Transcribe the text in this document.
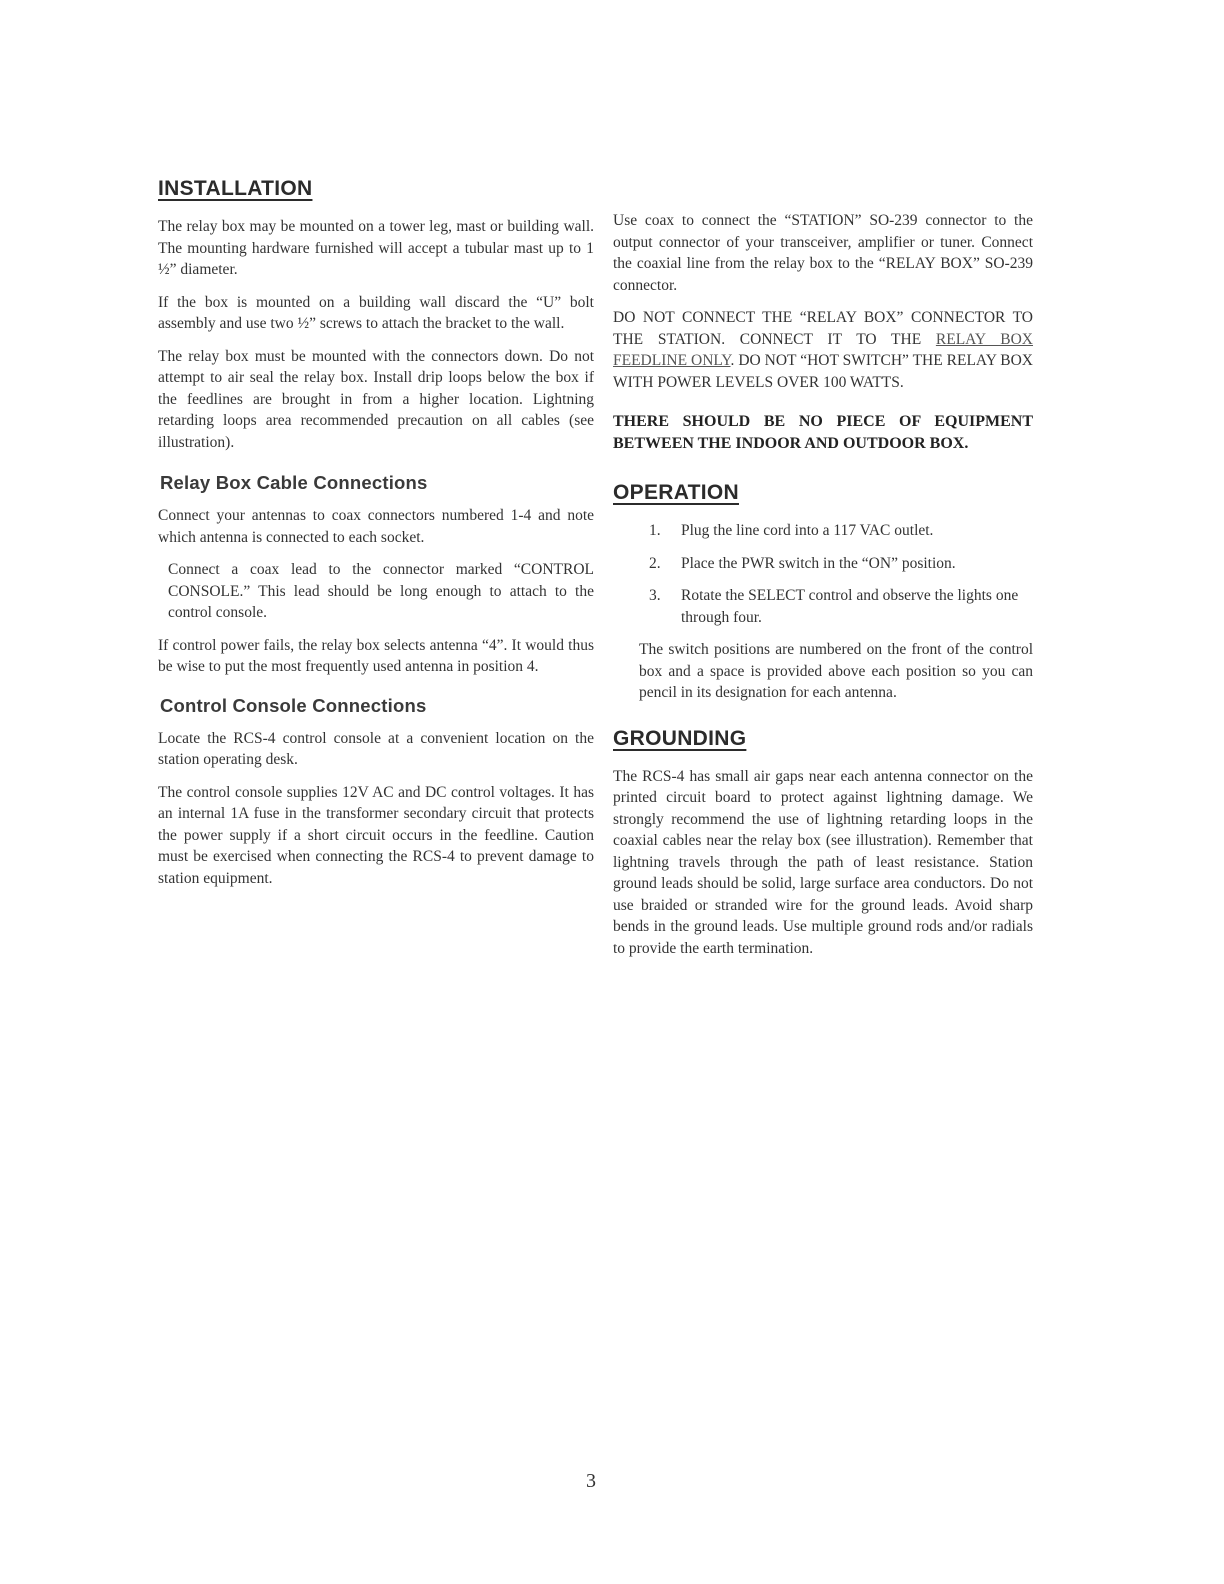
INSTALLATION

The relay box may be mounted on a tower leg, mast or building wall. The mounting hardware furnished will accept a tubular mast up to 1 ½” diameter.

If the box is mounted on a building wall discard the “U” bolt assembly and use two ½” screws to attach the bracket to the wall.

The relay box must be mounted with the connectors down. Do not attempt to air seal the relay box. Install drip loops below the box if the feedlines are brought in from a higher location. Lightning retarding loops area recommended precaution on all cables (see illustration).

Relay Box Cable Connections

Connect your antennas to coax connectors numbered 1-4 and note which antenna is connected to each socket.

Connect a coax lead to the connector marked “CONTROL CONSOLE.” This lead should be long enough to attach to the control console.

If control power fails, the relay box selects antenna “4”. It would thus be wise to put the most frequently used antenna in position 4.

Control Console Connections

Locate the RCS-4 control console at a convenient location on the station operating desk.

The control console supplies 12V AC and DC control voltages. It has an internal 1A fuse in the transformer secondary circuit that protects the power supply if a short circuit occurs in the feedline. Caution must be exercised when connecting the RCS-4 to prevent damage to station equipment.

Use coax to connect the “STATION” SO-239 connector to the output connector of your transceiver, amplifier or tuner. Connect the coaxial line from the relay box to the “RELAY BOX” SO-239 connector.

DO NOT CONNECT THE “RELAY BOX” CONNECTOR TO THE STATION. CONNECT IT TO THE RELAY BOX FEEDLINE ONLY. DO NOT “HOT SWITCH” THE RELAY BOX WITH POWER LEVELS OVER 100 WATTS.

THERE SHOULD BE NO PIECE OF EQUIPMENT BETWEEN THE INDOOR AND OUTDOOR BOX.

OPERATION
1. Plug the line cord into a 117 VAC outlet.
2. Place the PWR switch in the “ON” position.
3. Rotate the SELECT control and observe the lights one through four.

The switch positions are numbered on the front of the control box and a space is provided above each position so you can pencil in its designation for each antenna.

GROUNDING

The RCS-4 has small air gaps near each antenna connector on the printed circuit board to protect against lightning damage. We strongly recommend the use of lightning retarding loops in the coaxial cables near the relay box (see illustration). Remember that lightning travels through the path of least resistance. Station ground leads should be solid, large surface area conductors. Do not use braided or stranded wire for the ground leads. Avoid sharp bends in the ground leads. Use multiple ground rods and/or radials to provide the earth termination.

3
